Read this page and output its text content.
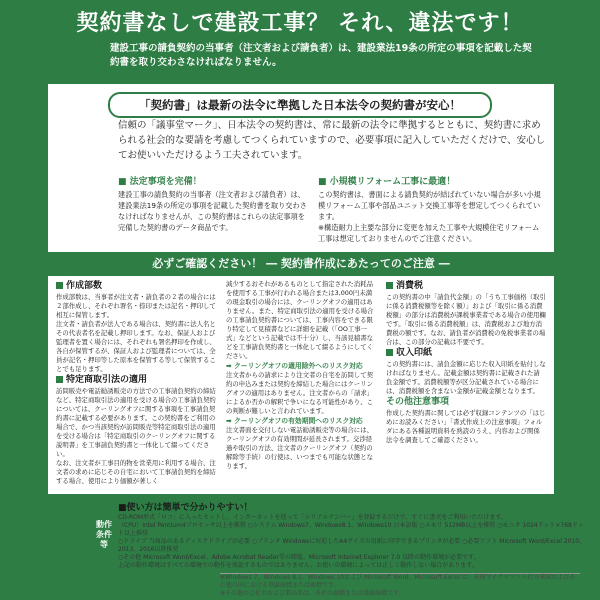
契約書なしで建設工事？ それ、違法です！
建設工事の請負契約の当事者（注文者および請負者）は、建設業法19条の所定の事項を記載した契約書を取り交わさなければなりません。
「契約書」は最新の法令に準拠した日本法令の契約書が安心！
信頼の「議事堂マーク」、日本法令の契約書は、常に最新の法令に準拠するとともに、契約書に求められる社会的な要請を考慮してつくられていますので、必要事項に記入していただくだけで、安心してお使いいただけるよう工夫されています。
■ 法定事項を完備！
建設工事の請負契約の当事者（注文者および請負者）は、建設業法19条の所定の事項を記載した契約書を取り交わさなければなりませんが、この契約書はこれらの法定事項を完備した契約書のデータ商品です。
■ 小規模リフォーム工事に最適！
この契約書は、書面による請負契約が結ばれていない場合が多い小規模リフォーム工事や部品ユニット交換工事等を想定してつくられています。
※構造耐力上主要な部分に変更を加えた工事や大規模住宅リフォーム工事は想定しておりませんのでご注意ください。
必ずご確認ください！ ― 契約書作成にあたってのご注意 ―
作成部数
作成部数は、当事者が注文者・請負者の２者の場合には２部作成し、それぞれ署名・捺印または記名・押印して相互に保管します。
注文者・請負者が法人である場合は、契約書に法人名とその代表者名を記載し押印します。なお、保証人および監理者を置く場合には、それぞれも署名押印を作成し、各自が保管するが、保証人および監理者については、全員が記名・押印等した原本を保管する等して保管することでも足ります。
特定商取引法の適用
訪問販売や電話勧誘販売の方法での工事請負契約の締結など、特定商取引法の適用を受ける場合の工事請負契約については、クーリングオフに関する事項を工事請負契約書に記載する必要があります。この契約書をご利用の場合で、かつ当該契約が訪問販売等特定商取引法の適用を受ける場合は「特定商取引のクーリングオフに関する説明書」を工事請負契約書と一体化して綴ってください。
なお、注文者が工事目的物を営業用に利用する場合、注文者の求めに応じその自宅において工事請負契約を締結する場合、使用により価額が著しく
減少するおそれがあるものとして指定された消耗品を使用する工事が行われる場合または3,000円未満の現金取引の場合には、クーリングオフの適用はありません。また、特定商取引法の適用を受ける場合の工事請負契約書については、工事内容をできる限り特定して見積書などに詳細を記載（「OO工事一式」などという記載では不十分）し、当該見積書などを工事請負契約書と一体化して綴るようにしてください。
➡ クーリングオフの適用除外へのリスク対応
注文者からの請求により注文者の自宅を訪問して契約の申込みまたは契約を締結した場合にはクーリングオフの適用はありません。注文者からの「請求」によるか否かの解釈で争いになる可能性があり、この判断が難しいと言われています。
➡ クーリングオフの有効期間へのリスク対応
注文書面を交付しない電話勧誘販売等の場合には、クーリングオフの有効期間が延長されます。交渉経過や取引の方法、注文者のクーリングオフ（契約の解除等手続）の行使は、いつまでも可能な状態となります。
消費税
この契約書の中「請負代金額」の「うち工事価格（取引に係る消費税額等を除く額）」および「取引に係る消費税額」の部分は消費税が課税事業者である場合の使用欄です。「取引に係る消費税額」は、消費税および地方消費税の額です。なお、請負者が消費税の免税事業者の場合は、この部分の記載は不要です。
収入印紙
この契約書には、請負金額に応じた収入印紙を貼付しなければなりません。記載金額は契約書に記載された請負金額です。消費税額等が区分記載されている場合には、消費税額を含まない金額が記載金額となります。
その他注意事項
作成した契約書に関しては必ず収録コンテンツの「はじめにお読みください」「書式作成上の注意事項」フォルダにある各種説明資料を熟読のうえ、内容および関係法令を調査してご確認ください。
動作条件等
■使い方は簡単で分かりやすい！
CD-ROM形式「ロコ」に入ったセットし、インターネットを使って「シリアルナンバー」を登録するだけで、すぐに書式をご利用いただけます。
（CPU）Intel Pentium4プロセッサ以上を推奨 ○システム Windows7、Windows8.1、Windows10 日本語版 ○メモリ 512MB以上を推奨 ○モニタ 1024ドット×768ドット以上推奨
○ドライブ 当商品のあるディスクドライブが必要 ○プリンタ Windowsに対応したA4サイズの用紙に印字できるプリンタが必要 ○必要ソフト Microsoft Word/Excel 2010、2013、2016以降推奨
○その他 Microsoft Word/Excel、Adobe Acrobat Reader等の閲覧、Microsoft Internet Explorer 7.0 以降の動作環境が必要です。
上記の動作環境はすべての環境での動作を保証するものではありません。お使いの環境によっては正しく動作しない場合があります。
※Windows 7、Windows 8.1、Windows 10および Microsoft Word、Microsoft Excel は、米国マイクロソフト社の米国およびその他の国における登録商標または商標です。
※その他の会社名および製品名は、各社の商標または登録商標です。
